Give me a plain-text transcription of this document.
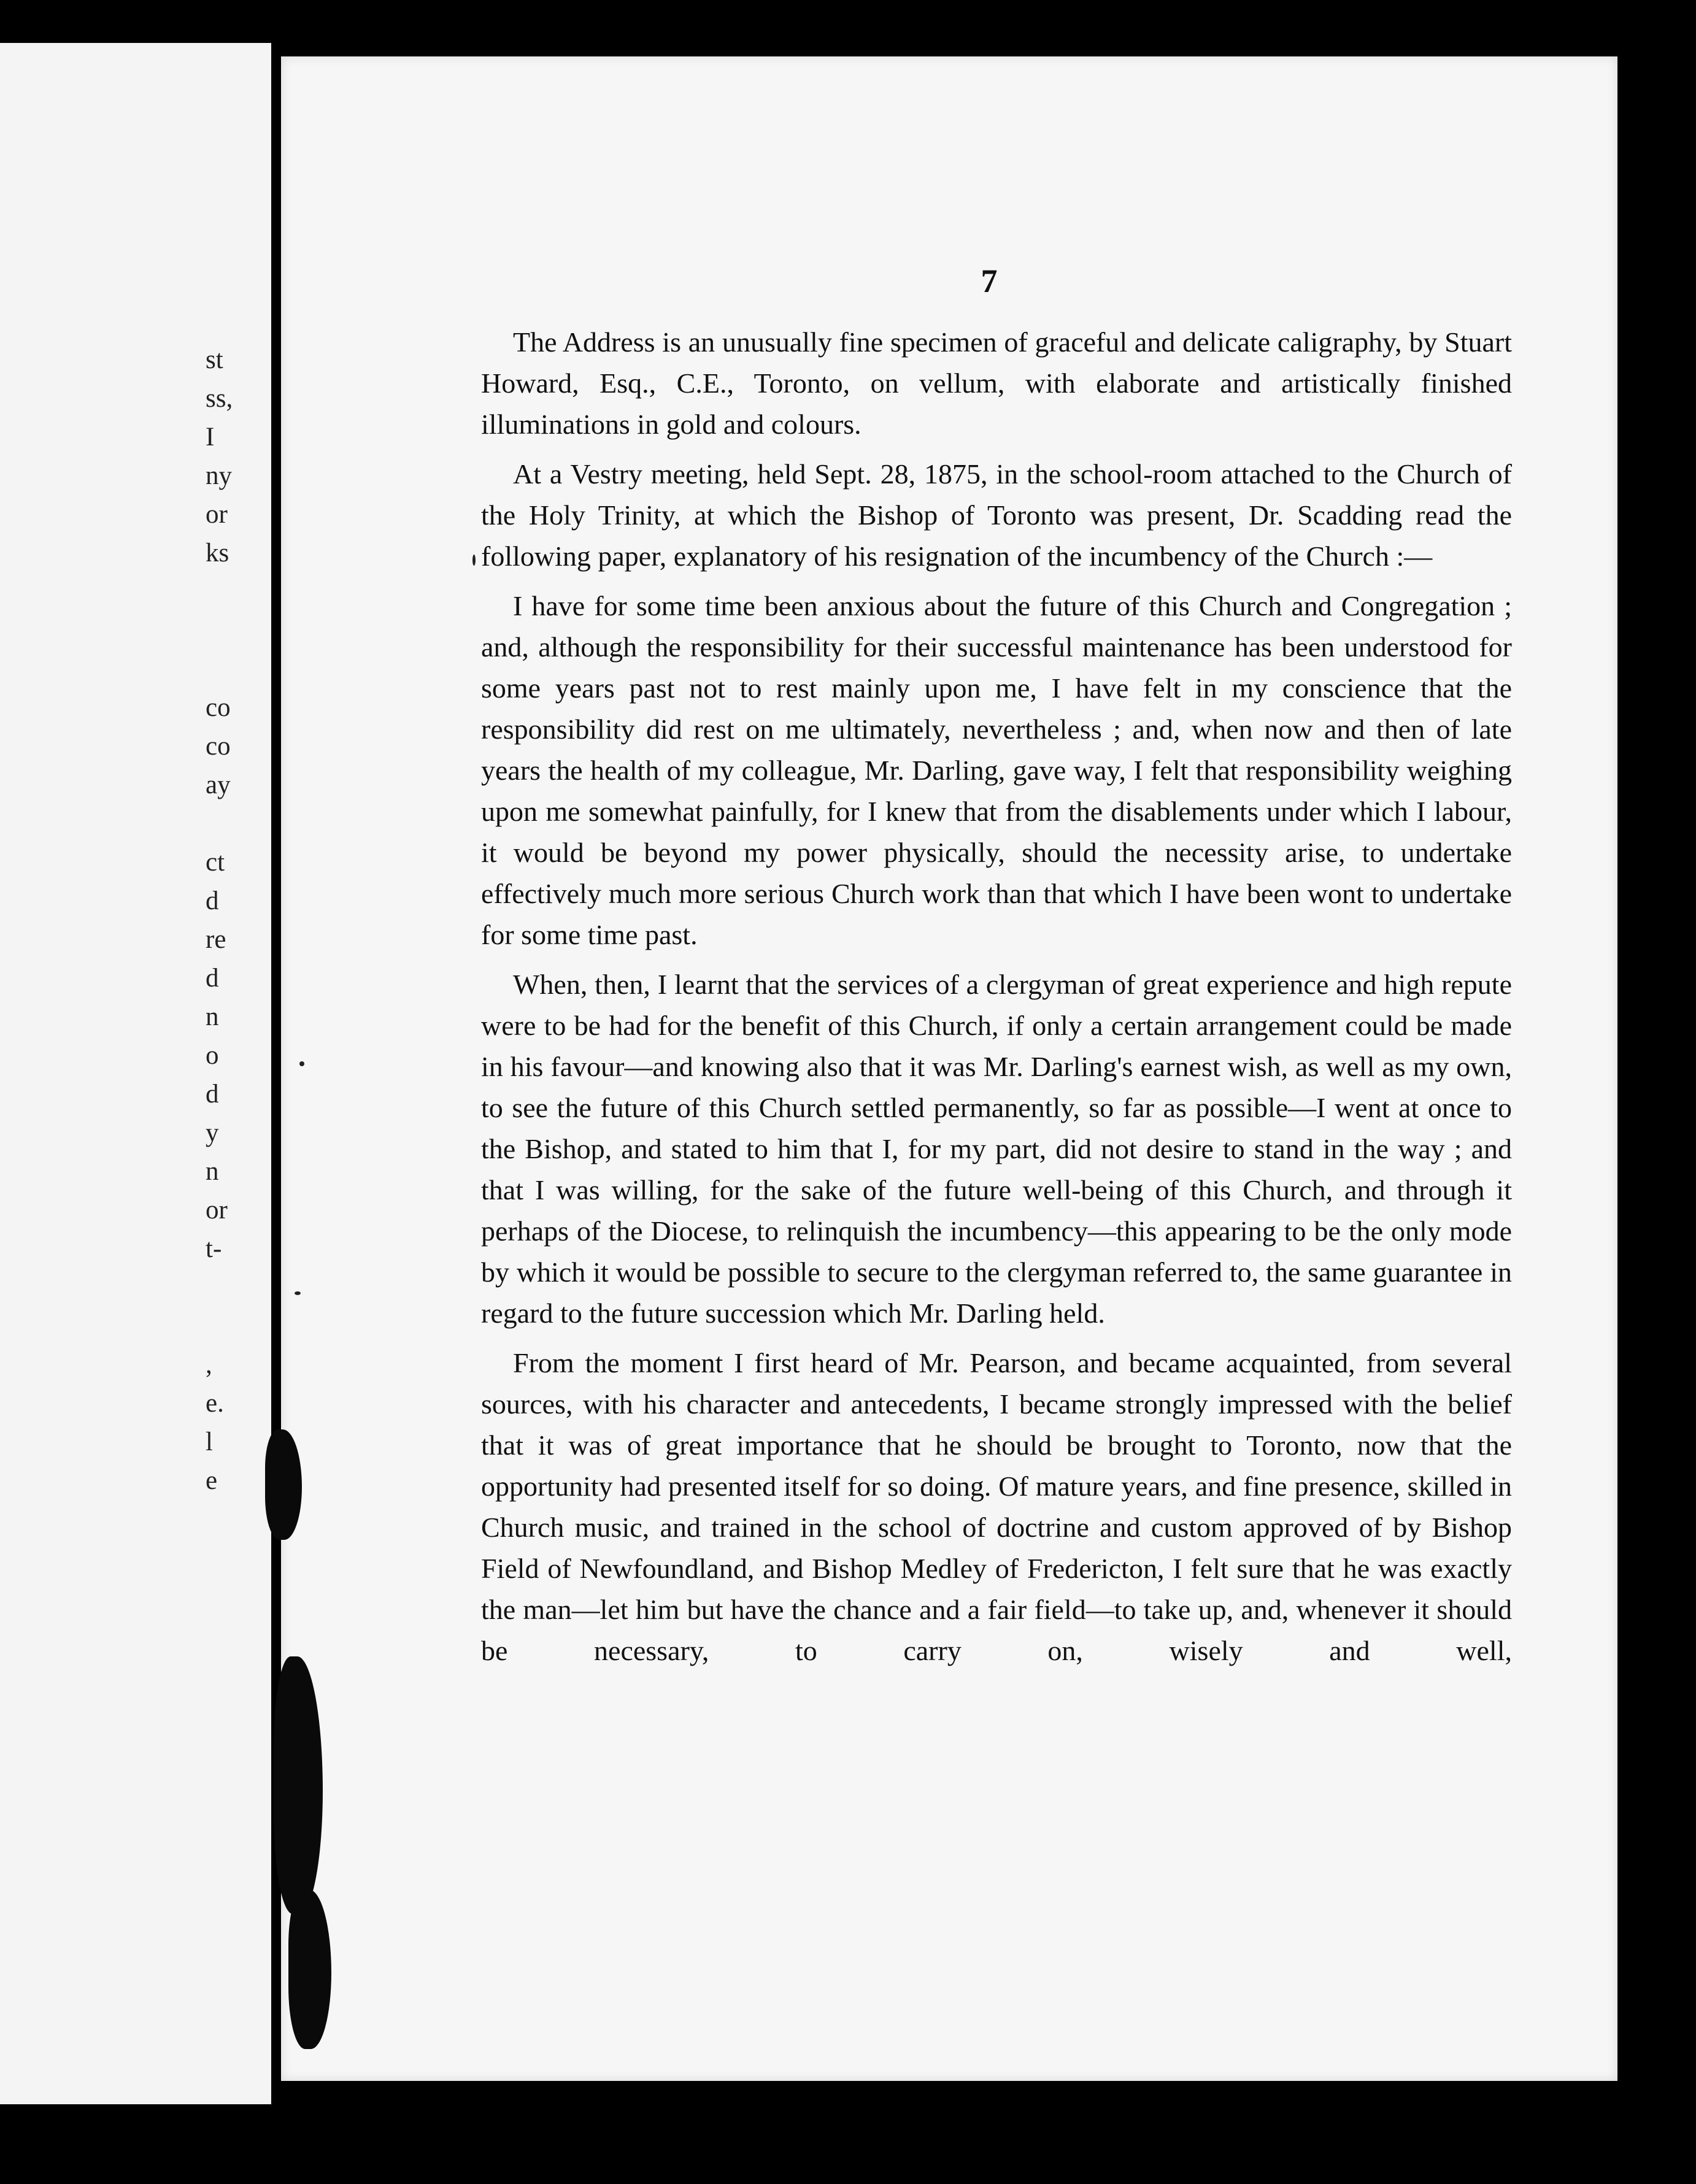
st
ss,
I
ny
or
ks
co
co
ay
ct
d
re
d
n
o
d
y
n
or
t-
,
e.
l
e
7

The Address is an unusually fine specimen of graceful and delicate caligraphy, by Stuart Howard, Esq., C.E., Toronto, on vellum, with elaborate and artistically finished illuminations in gold and colours.

At a Vestry meeting, held Sept. 28, 1875, in the school-room attached to the Church of the Holy Trinity, at which the Bishop of Toronto was present, Dr. Scadding read the following paper, explanatory of his resignation of the incumbency of the Church :—

I have for some time been anxious about the future of this Church and Congregation ; and, although the responsibility for their successful maintenance has been understood for some years past not to rest mainly upon me, I have felt in my conscience that the responsibility did rest on me ultimately, nevertheless ; and, when now and then of late years the health of my colleague, Mr. Darling, gave way, I felt that responsibility weighing upon me somewhat painfully, for I knew that from the disablements under which I labour, it would be beyond my power physically, should the necessity arise, to undertake effectively much more serious Church work than that which I have been wont to undertake for some time past.

When, then, I learnt that the services of a clergyman of great experience and high repute were to be had for the benefit of this Church, if only a certain arrangement could be made in his favour—and knowing also that it was Mr. Darling's earnest wish, as well as my own, to see the future of this Church settled permanently, so far as possible—I went at once to the Bishop, and stated to him that I, for my part, did not desire to stand in the way ; and that I was willing, for the sake of the future well-being of this Church, and through it perhaps of the Diocese, to relinquish the incumbency—this appearing to be the only mode by which it would be possible to secure to the clergyman referred to, the same guarantee in regard to the future succession which Mr. Darling held.

From the moment I first heard of Mr. Pearson, and became acquainted, from several sources, with his character and antecedents, I became strongly impressed with the belief that it was of great importance that he should be brought to Toronto, now that the opportunity had presented itself for so doing. Of mature years, and fine presence, skilled in Church music, and trained in the school of doctrine and custom approved of by Bishop Field of Newfoundland, and Bishop Medley of Fredericton, I felt sure that he was exactly the man—let him but have the chance and a fair field—to take up, and, whenever it should be necessary, to carry on, wisely and well,
